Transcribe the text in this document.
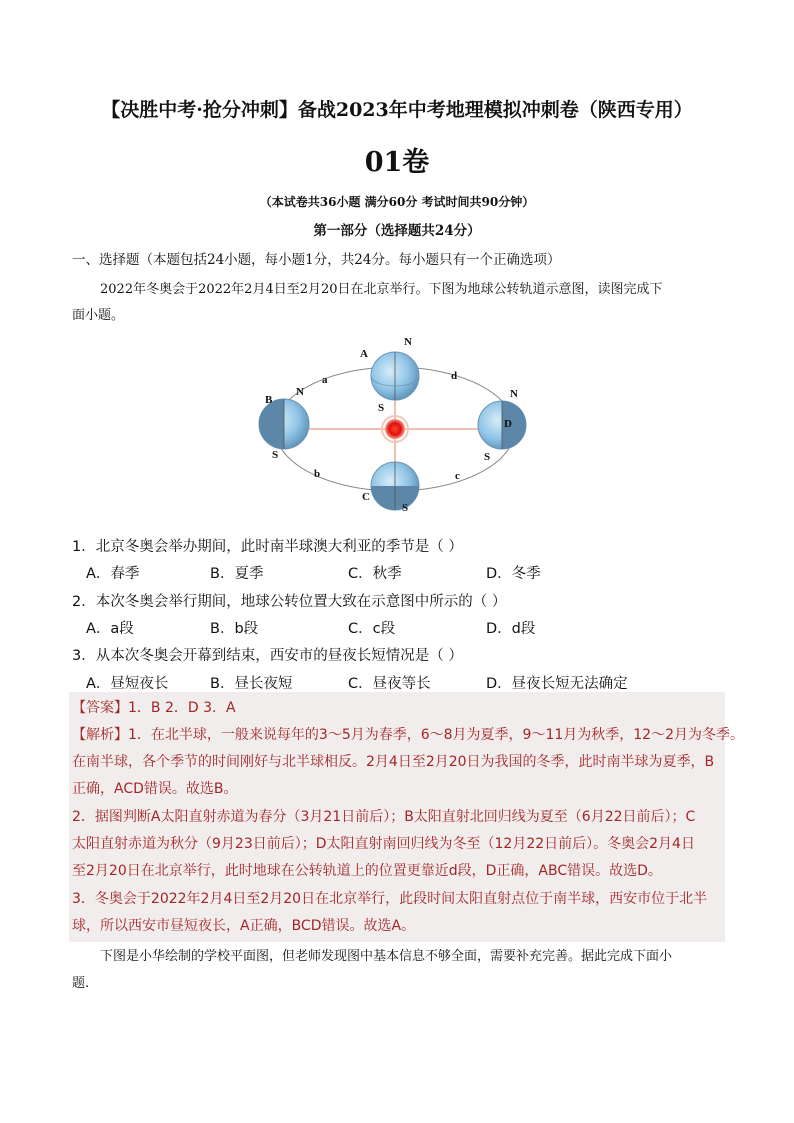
【决胜中考·抢分冲刺】备战2023年中考地理模拟冲刺卷（陕西专用）
01卷
（本试卷共36小题 满分60分 考试时间共90分钟）
第一部分（选择题共24分）
一、选择题（本题包括24小题，每小题1分，共24分。每小题只有一个正确选项）
2022年冬奥会于2022年2月4日至2月20日在北京举行。下图为地球公转轨道示意图，读图完成下
面小题。
A
N
S
B
N
S
C
S
D
N
S
a
b	c
d
1．北京冬奥会举办期间，此时南半球澳大利亚的季节是（ ）
A．春季	B．夏季	C．秋季	D．冬季
2．本次冬奥会举行期间，地球公转位置大致在示意图中所示的（ ）
A．a段	B．b段	C．c段	D．d段
3．从本次冬奥会开幕到结束，西安市的昼夜长短情况是（ ）
A．昼短夜长	B．昼长夜短	C．昼夜等长	D．昼夜长短无法确定
【答案】1．B 2．D 3．A
【解析】1．在北半球，一般来说每年的3～5月为春季，6～8月为夏季，9～11月为秋季，12～2月为冬季。
在南半球，各个季节的时间刚好与北半球相反。2月4日至2月20日为我国的冬季，此时南半球为夏季，B
正确，ACD错误。故选B。
2．据图判断A太阳直射赤道为春分（3月21日前后）；B太阳直射北回归线为夏至（6月22日前后）；C
太阳直射赤道为秋分（9月23日前后）；D太阳直射南回归线为冬至（12月22日前后）。冬奥会2月4日
至2月20日在北京举行，此时地球在公转轨道上的位置更靠近d段，D正确，ABC错误。故选D。
3．冬奥会于2022年2月4日至2月20日在北京举行，此段时间太阳直射点位于南半球，西安市位于北半
球，所以西安市昼短夜长，A正确，BCD错误。故选A。
下图是小华绘制的学校平面图，但老师发现图中基本信息不够全面，需要补充完善。据此完成下面小
题.
